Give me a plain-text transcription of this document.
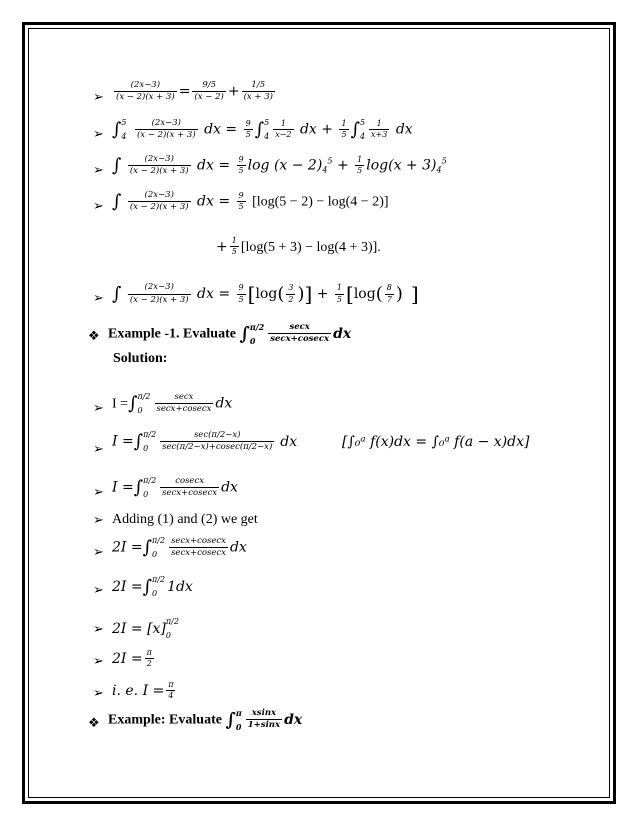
➢ $\frac{(2x-3)}{(x - 2)(x + 3)} = \frac{9/5}{(x - 2)} + \frac{1/5}{(x + 3)}$
➢ ∫ 5
4
$\frac{(2x-3)}{(x - 2)(x + 3)}$ dx = $\frac{9}{5}$ ∫ 5
$4 \frac{1}{x-2}$ dx + $\frac{1}{5}$ ∫ 5
$4 \frac{1}{x+3}$ dx
➢ ∫ $\frac{(2x-3)}{(x - 2)(x + 3)}$ dx = $\frac{9}{5}$ $\log (x - 2)_4^5 + \frac{1}{5} \log(x + 3)_4^5$
➢ ∫ $\frac{(2x-3)}{(x - 2)(x + 3)}$ dx = $\frac{9}{5} [\log(5 - 2) - \log(4 - 2)]$
+ $\frac{1}{5} [\log(5 + 3) - \log(4 + 3)]$.
➢ ∫ $\frac{(2x-3)}{(x - 2)(x + 3)}$ dx = $\frac{9}{5} [\log( \frac{3}{2}$ )] + $\frac{1}{5} [\log( \frac{8}{7}$ ) ]
❖ Example -1. Evaluate ∫ π/2
0	$\frac{\sec x}{\sec x+cosecx}$ dx
Solution:
➢ I =∫ π/2
0	$\frac{\sec x}{\sec x+cosecx}$ dx
➢ I =∫ π/2
0	$\frac{\sec(\pi/2-x)}{\sec(\pi/2-x)+cosec(\pi/2-x)}$ dx	[∫₀ᵃ f(x)dx = ∫₀ᵃ f(a − x)dx]
➢ I =∫ π/2
0	$\frac{cosecx}{\sec x+cosecx}$ dx
➢ Adding (1) and (2) we get
➢ 2I =∫ π/2
0	$\frac{\sec x+cosecx}{\sec x+cosecx}$ dx
➢ 2I =∫ π/2
0 1dx
➢ 2I = [x] π/2
0
➢ $2I = \frac{\pi}{2}$
➢ i. e. $I = \frac{\pi}{4}$
❖ Example: Evaluate ∫ π
$0 \frac{xsinx}{1+\sin x}$ dx
